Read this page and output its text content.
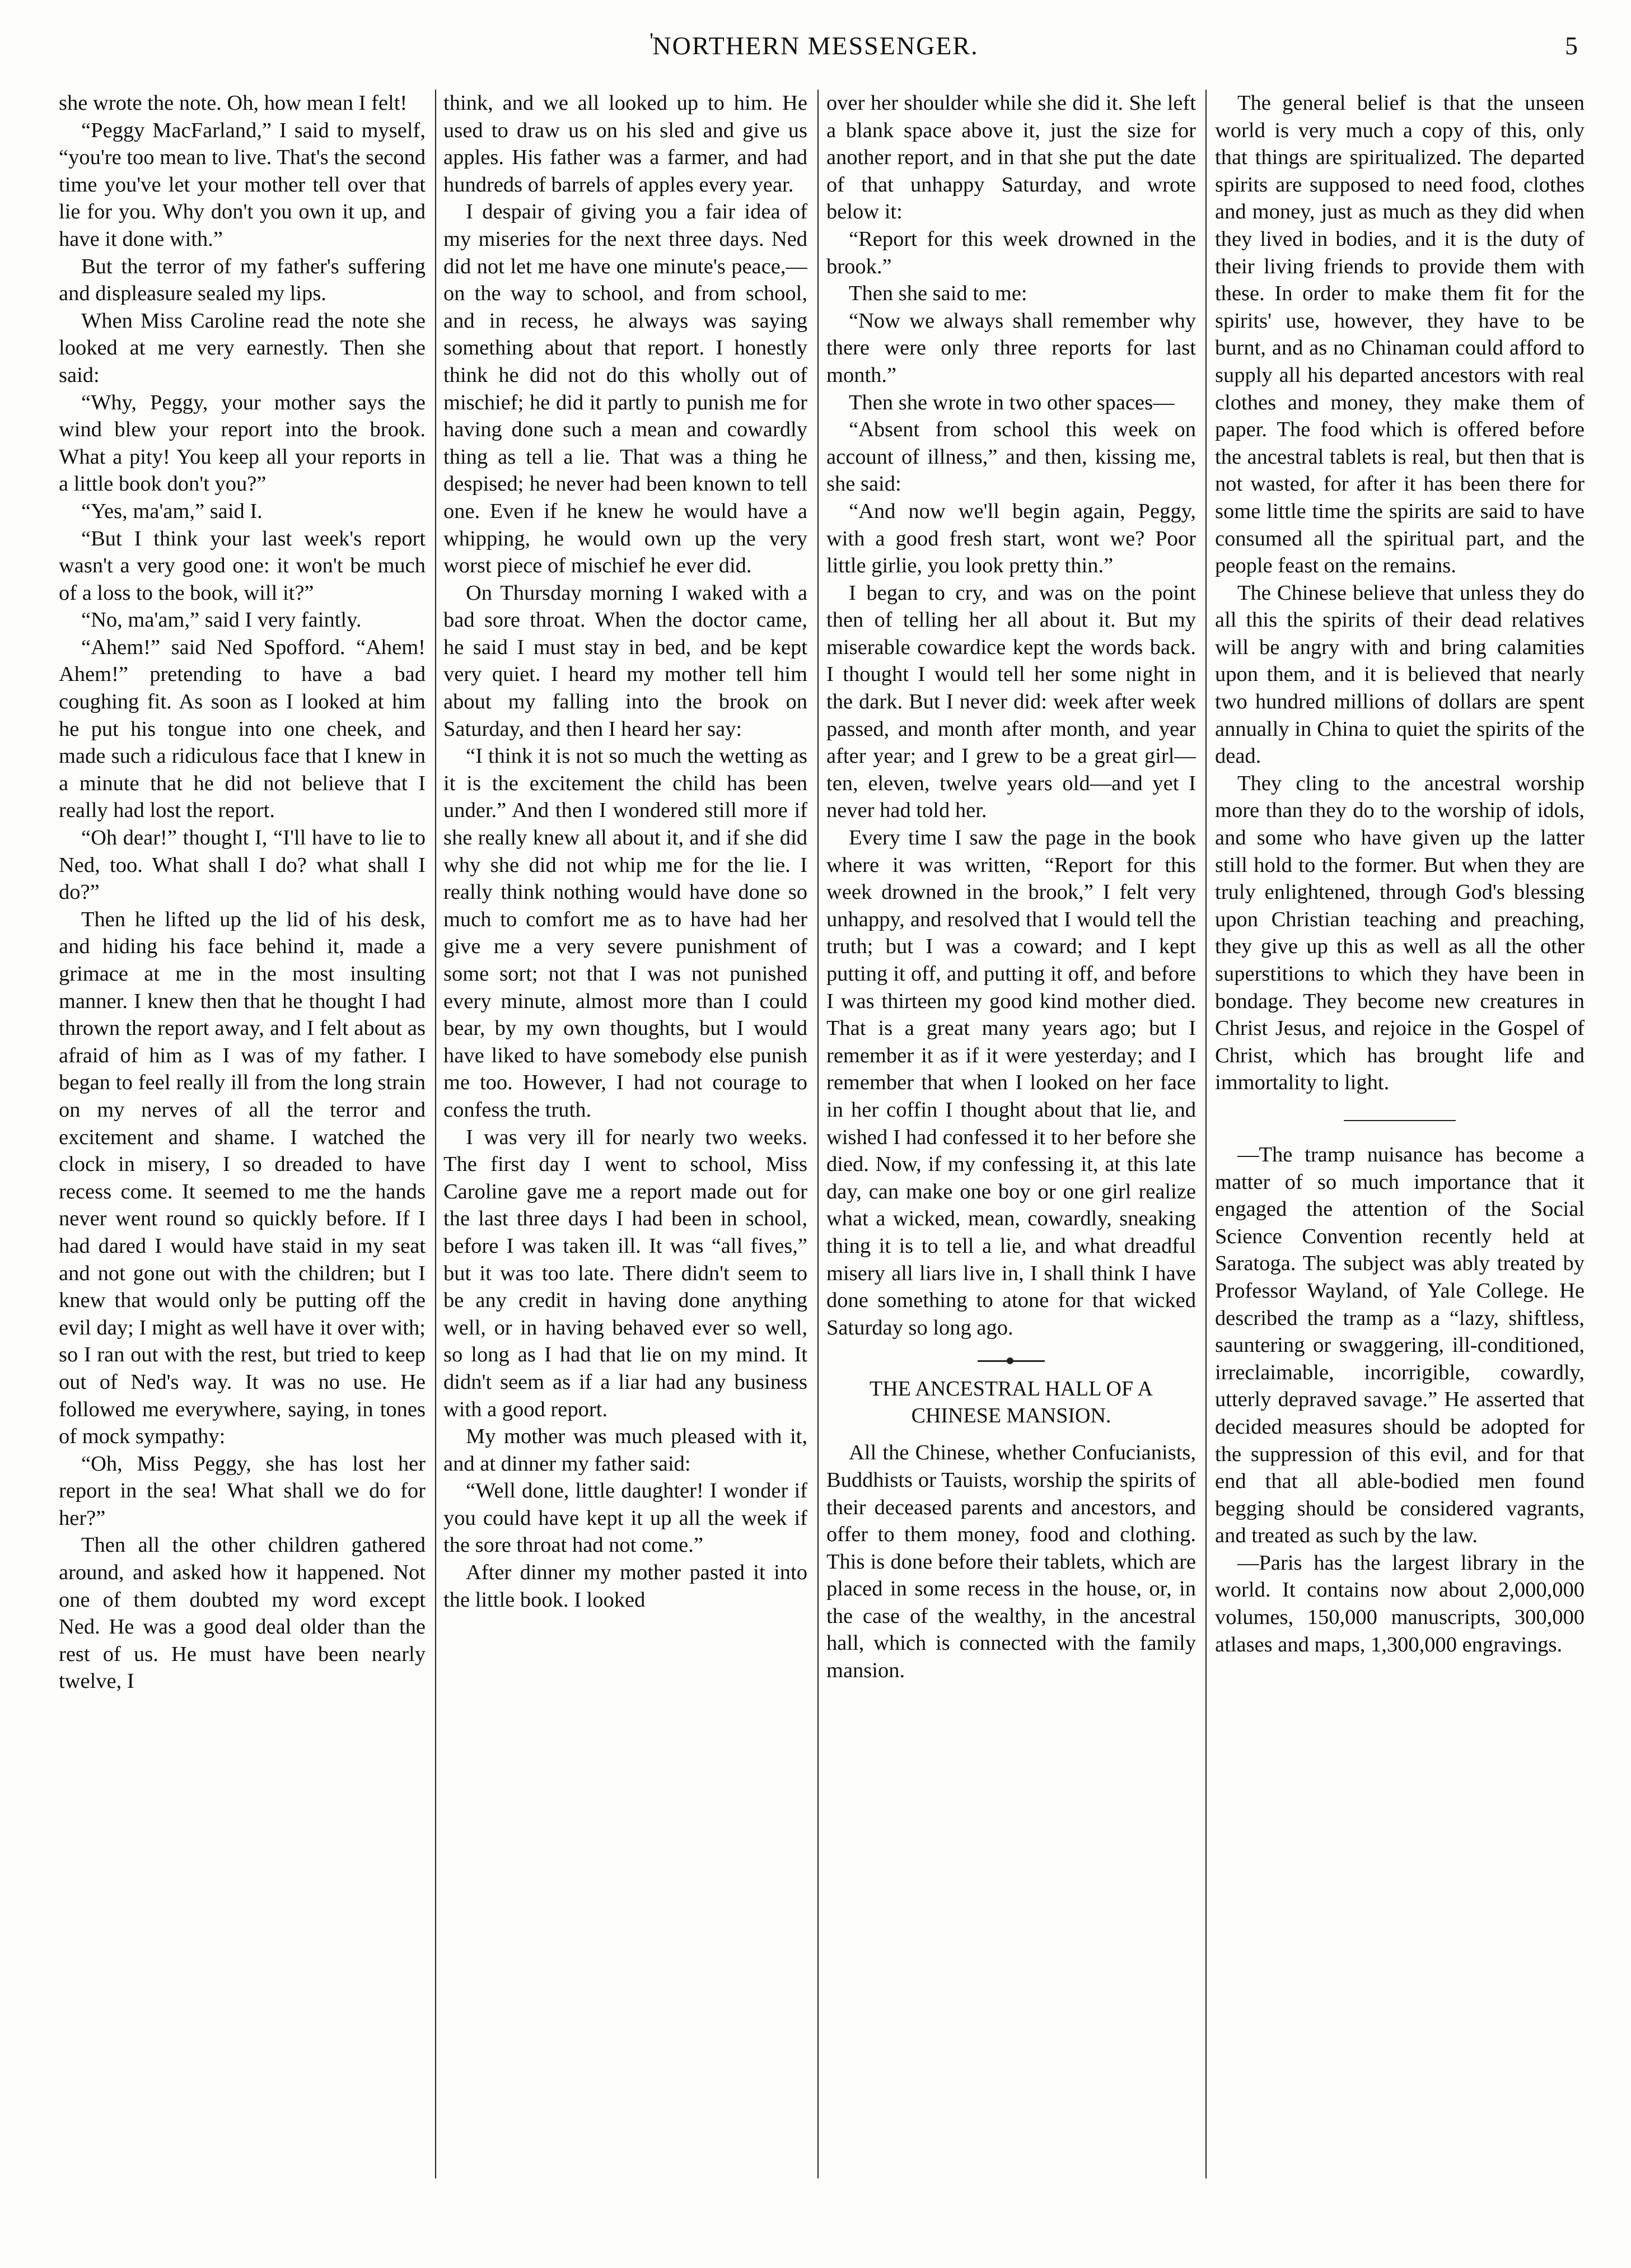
'
NORTHERN MESSENGER.	5

she wrote the note. Oh, how mean I felt!

“Peggy MacFarland,” I said to myself, “you're too mean to live. That's the second time you've let your mother tell over that lie for you. Why don't you own it up, and have it done with.”

But the terror of my father's suffering and displeasure sealed my lips.

When Miss Caroline read the note she looked at me very earnestly. Then she said:

“Why, Peggy, your mother says the wind blew your report into the brook. What a pity! You keep all your reports in a little book don't you?”

“Yes, ma'am,” said I.

“But I think your last week's report wasn't a very good one: it won't be much of a loss to the book, will it?”

“No, ma'am,” said I very faintly.

“Ahem!” said Ned Spofford. “Ahem! Ahem!” pretending to have a bad coughing fit. As soon as I looked at him he put his tongue into one cheek, and made such a ridiculous face that I knew in a minute that he did not believe that I really had lost the report.

“Oh dear!” thought I, “I'll have to lie to Ned, too. What shall I do? what shall I do?”

Then he lifted up the lid of his desk, and hiding his face behind it, made a grimace at me in the most insulting manner. I knew then that he thought I had thrown the report away, and I felt about as afraid of him as I was of my father. I began to feel really ill from the long strain on my nerves of all the terror and excitement and shame. I watched the clock in misery, I so dreaded to have recess come. It seemed to me the hands never went round so quickly before. If I had dared I would have staid in my seat and not gone out with the children; but I knew that would only be putting off the evil day; I might as well have it over with; so I ran out with the rest, but tried to keep out of Ned's way. It was no use. He followed me everywhere, saying, in tones of mock sympathy:

“Oh, Miss Peggy, she has lost her report in the sea! What shall we do for her?”

Then all the other children gathered around, and asked how it happened. Not one of them doubted my word except Ned. He was a good deal older than the rest of us. He must have been nearly twelve, I

think, and we all looked up to him. He used to draw us on his sled and give us apples. His father was a farmer, and had hundreds of barrels of apples every year.

I despair of giving you a fair idea of my miseries for the next three days. Ned did not let me have one minute's peace,—on the way to school, and from school, and in recess, he always was saying something about that report. I honestly think he did not do this wholly out of mischief; he did it partly to punish me for having done such a mean and cowardly thing as tell a lie. That was a thing he despised; he never had been known to tell one. Even if he knew he would have a whipping, he would own up the very worst piece of mischief he ever did.

On Thursday morning I waked with a bad sore throat. When the doctor came, he said I must stay in bed, and be kept very quiet. I heard my mother tell him about my falling into the brook on Saturday, and then I heard her say:

“I think it is not so much the wetting as it is the excitement the child has been under.” And then I wondered still more if she really knew all about it, and if she did why she did not whip me for the lie. I really think nothing would have done so much to comfort me as to have had her give me a very severe punishment of some sort; not that I was not punished every minute, almost more than I could bear, by my own thoughts, but I would have liked to have somebody else punish me too. However, I had not courage to confess the truth.

I was very ill for nearly two weeks. The first day I went to school, Miss Caroline gave me a report made out for the last three days I had been in school, before I was taken ill. It was “all fives,” but it was too late. There didn't seem to be any credit in having done anything well, or in having behaved ever so well, so long as I had that lie on my mind. It didn't seem as if a liar had any business with a good report.

My mother was much pleased with it, and at dinner my father said:

“Well done, little daughter! I wonder if you could have kept it up all the week if the sore throat had not come.”

After dinner my mother pasted it into the little book. I looked

over her shoulder while she did it. She left a blank space above it, just the size for another report, and in that she put the date of that unhappy Saturday, and wrote below it:

“Report for this week drowned in the brook.”

Then she said to me:

“Now we always shall remember why there were only three reports for last month.”

Then she wrote in two other spaces—

“Absent from school this week on account of illness,” and then, kissing me, she said:

“And now we'll begin again, Peggy, with a good fresh start, wont we? Poor little girlie, you look pretty thin.”

I began to cry, and was on the point then of telling her all about it. But my miserable cowardice kept the words back. I thought I would tell her some night in the dark. But I never did: week after week passed, and month after month, and year after year; and I grew to be a great girl—ten, eleven, twelve years old—and yet I never had told her.

Every time I saw the page in the book where it was written, “Report for this week drowned in the brook,” I felt very unhappy, and resolved that I would tell the truth; but I was a coward; and I kept putting it off, and putting it off, and before I was thirteen my good kind mother died. That is a great many years ago; but I remember it as if it were yesterday; and I remember that when I looked on her face in her coffin I thought about that lie, and wished I had confessed it to her before she died. Now, if my confessing it, at this late day, can make one boy or one girl realize what a wicked, mean, cowardly, sneaking thing it is to tell a lie, and what dreadful misery all liars live in, I shall think I have done something to atone for that wicked Saturday so long ago.

THE ANCESTRAL HALL OF A CHINESE MANSION.

All the Chinese, whether Confucianists, Buddhists or Tauists, worship the spirits of their deceased parents and ancestors, and offer to them money, food and clothing. This is done before their tablets, which are placed in some recess in the house, or, in the case of the wealthy, in the ancestral hall, which is connected with the family mansion.

The general belief is that the unseen world is very much a copy of this, only that things are spiritualized. The departed spirits are supposed to need food, clothes and money, just as much as they did when they lived in bodies, and it is the duty of their living friends to provide them with these. In order to make them fit for the spirits' use, however, they have to be burnt, and as no Chinaman could afford to supply all his departed ancestors with real clothes and money, they make them of paper. The food which is offered before the ancestral tablets is real, but then that is not wasted, for after it has been there for some little time the spirits are said to have consumed all the spiritual part, and the people feast on the remains.

The Chinese believe that unless they do all this the spirits of their dead relatives will be angry with and bring calamities upon them, and it is believed that nearly two hundred millions of dollars are spent annually in China to quiet the spirits of the dead.

They cling to the ancestral worship more than they do to the worship of idols, and some who have given up the latter still hold to the former. But when they are truly enlightened, through God's blessing upon Christian teaching and preaching, they give up this as well as all the other superstitions to which they have been in bondage. They become new creatures in Christ Jesus, and rejoice in the Gospel of Christ, which has brought life and immortality to light.

—The tramp nuisance has become a matter of so much importance that it engaged the attention of the Social Science Convention recently held at Saratoga. The subject was ably treated by Professor Wayland, of Yale College. He described the tramp as a “lazy, shiftless, sauntering or swaggering, ill-conditioned, irreclaimable, incorrigible, cowardly, utterly depraved savage.” He asserted that decided measures should be adopted for the suppression of this evil, and for that end that all able-bodied men found begging should be considered vagrants, and treated as such by the law.

—Paris has the largest library in the world. It contains now about 2,000,000 volumes, 150,000 manuscripts, 300,000 atlases and maps, 1,300,000 engravings.
